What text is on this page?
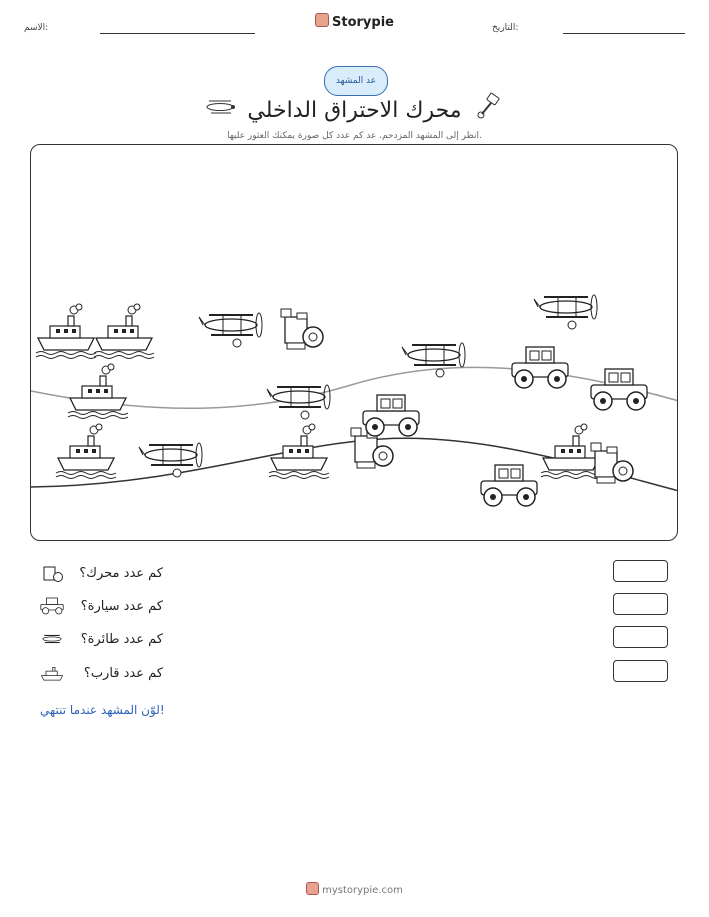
الاسم:	Storypie	التاريخ:
عد المشهد
محرك الاحتراق الداخلي
انظر إلى المشهد المزدحم. عد كم عدد كل صورة يمكنك العثور عليها.
كم عدد محرك؟
كم عدد سيارة؟
كم عدد طائرة؟
كم عدد قارب؟
لوّن المشهد عندما تنتهي!
mystorypie.com
